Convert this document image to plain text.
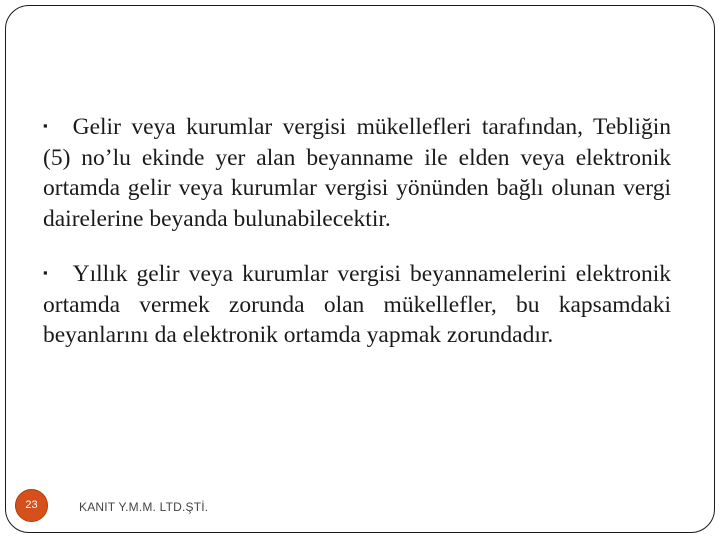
▪ Gelir veya kurumlar vergisi mükellefleri tarafından, Tebliğin (5) no’lu ekinde yer alan beyanname ile elden veya elektronik ortamda gelir veya kurumlar vergisi yönünden bağlı olunan vergi dairelerine beyanda bulunabilecektir.

▪ Yıllık gelir veya kurumlar vergisi beyannamelerini elektronik ortamda vermek zorunda olan mükellefler, bu kapsamdaki beyanlarını da elektronik ortamda yapmak zorundadır.

23	KANIT Y.M.M. LTD.ŞTİ.
